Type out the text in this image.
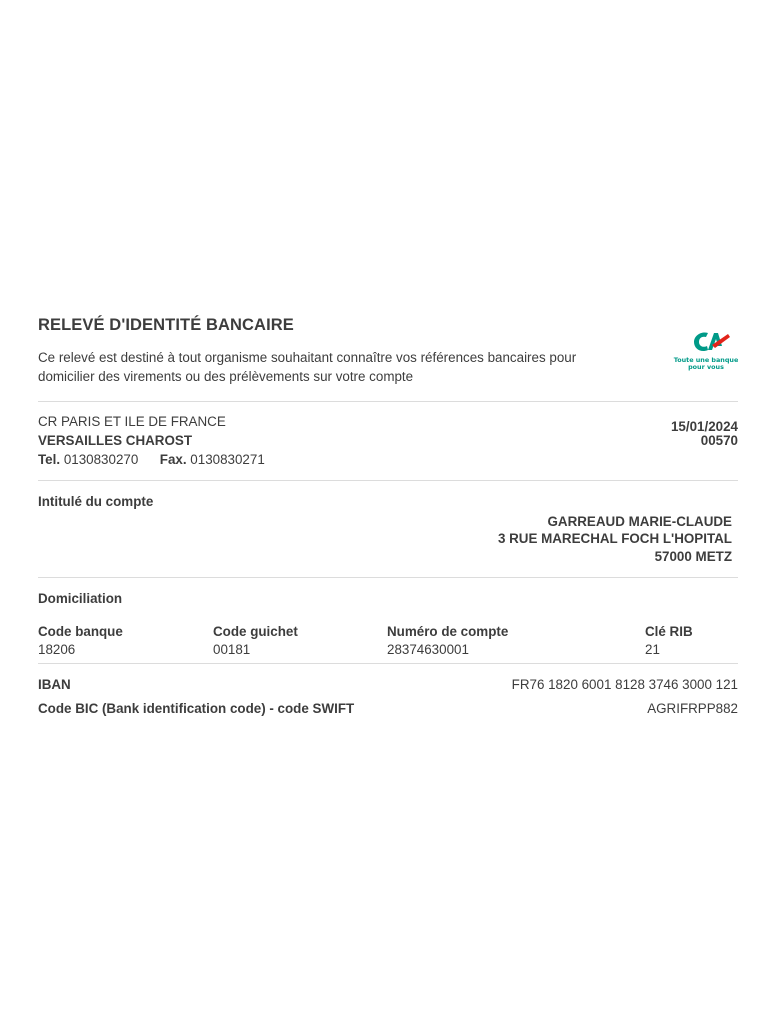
RELEVÉ D'IDENTITÉ BANCAIRE
Ce relevé est destiné à tout organisme souhaitant connaître vos références bancaires pour
domicilier des virements ou des prélèvements sur votre compte
Toute une banque
pour vous
CR PARIS ET ILE DE FRANCE
VERSAILLES CHAROST
Tel. 0130830270 Fax. 0130830271
15/01/2024
00570
Intitulé du compte
GARREAUD MARIE-CLAUDE
3 RUE MARECHAL FOCH L'HOPITAL
57000 METZ
Domiciliation
Code banque
18206
Code guichet
00181
Numéro de compte
28374630001
Clé RIB
21
IBAN	FR76 1820 6001 8128 3746 3000 121
Code BIC (Bank identification code) - code SWIFT	AGRIFRPP882
